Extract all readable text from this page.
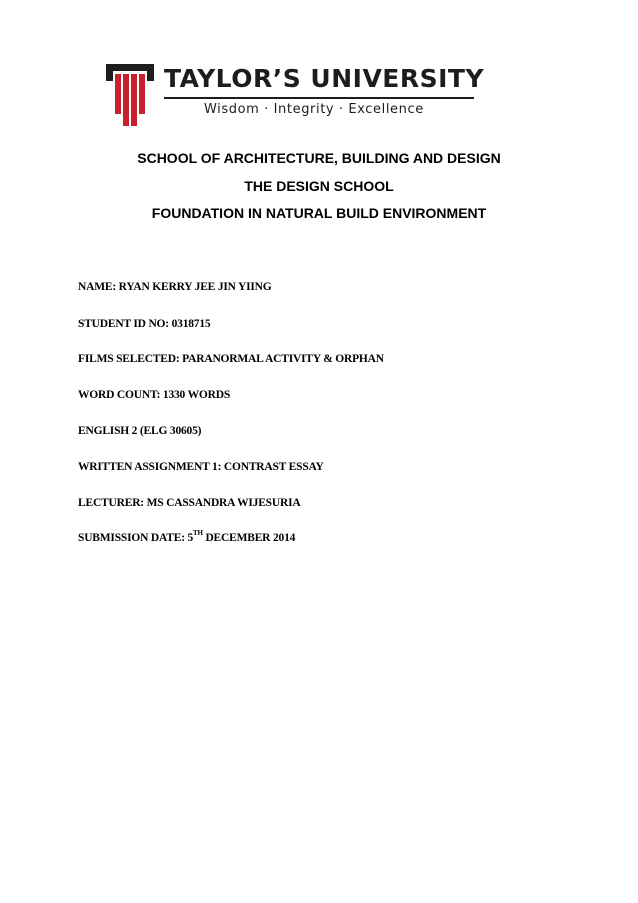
TAYLOR’S UNIVERSITY
Wisdom · Integrity · Excellence
SCHOOL OF ARCHITECTURE, BUILDING AND DESIGN
THE DESIGN SCHOOL
FOUNDATION IN NATURAL BUILD ENVIRONMENT
NAME: RYAN KERRY JEE JIN YIING
STUDENT ID NO: 0318715
FILMS SELECTED: PARANORMAL ACTIVITY & ORPHAN
WORD COUNT: 1330 WORDS
ENGLISH 2 (ELG 30605)
WRITTEN ASSIGNMENT 1: CONTRAST ESSAY
LECTURER: MS CASSANDRA WIJESURIA
SUBMISSION DATE: 5TH DECEMBER 2014
